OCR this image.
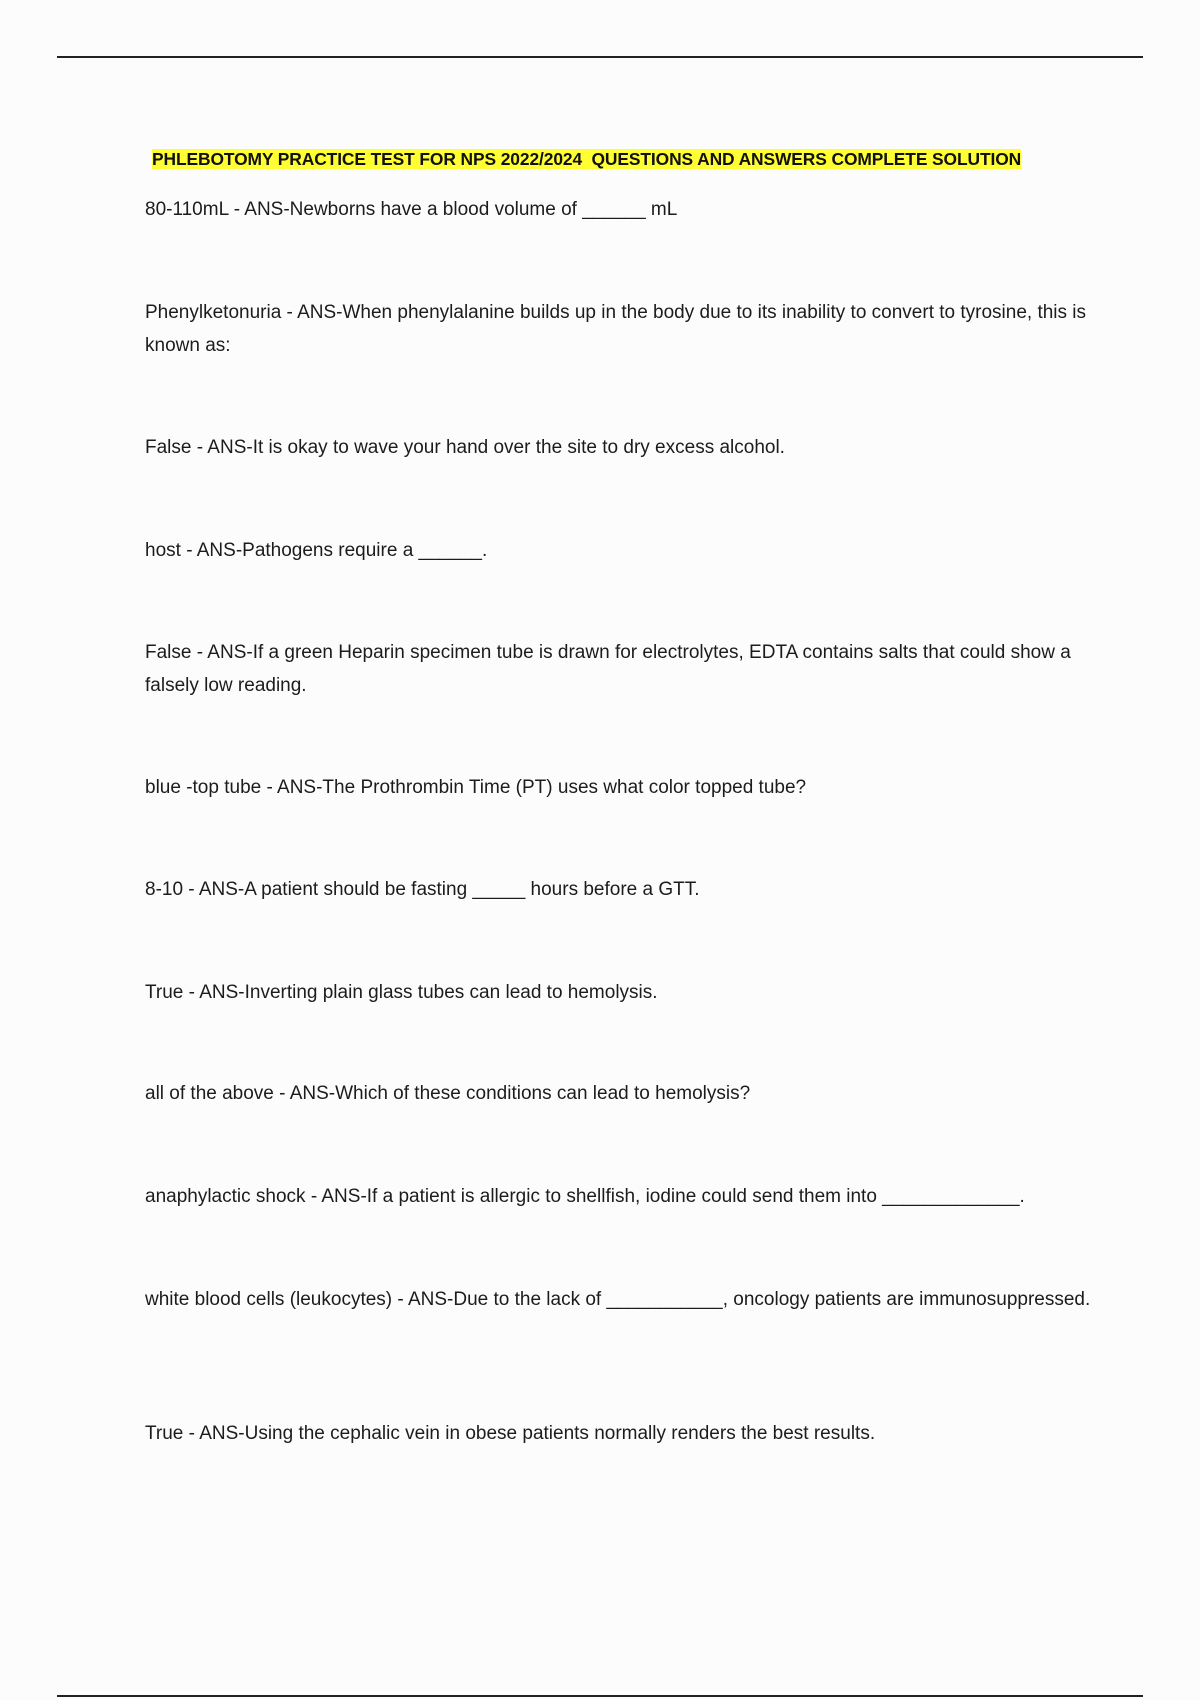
PHLEBOTOMY PRACTICE TEST FOR NPS 2022/2024  QUESTIONS AND ANSWERS COMPLETE SOLUTION
80-110mL - ANS-Newborns have a blood volume of ______ mL
Phenylketonuria - ANS-When phenylalanine builds up in the body due to its inability to convert to tyrosine, this is known as:
False - ANS-It is okay to wave your hand over the site to dry excess alcohol.
host - ANS-Pathogens require a ______.
False - ANS-If a green Heparin specimen tube is drawn for electrolytes, EDTA contains salts that could show a falsely low reading.
blue -top tube - ANS-The Prothrombin Time (PT) uses what color topped tube?
8-10 - ANS-A patient should be fasting _____ hours before a GTT.
True - ANS-Inverting plain glass tubes can lead to hemolysis.
all of the above - ANS-Which of these conditions can lead to hemolysis?
anaphylactic shock - ANS-If a patient is allergic to shellfish, iodine could send them into _____________.
white blood cells (leukocytes) - ANS-Due to the lack of ___________, oncology patients are immunosuppressed.
True - ANS-Using the cephalic vein in obese patients normally renders the best results.
